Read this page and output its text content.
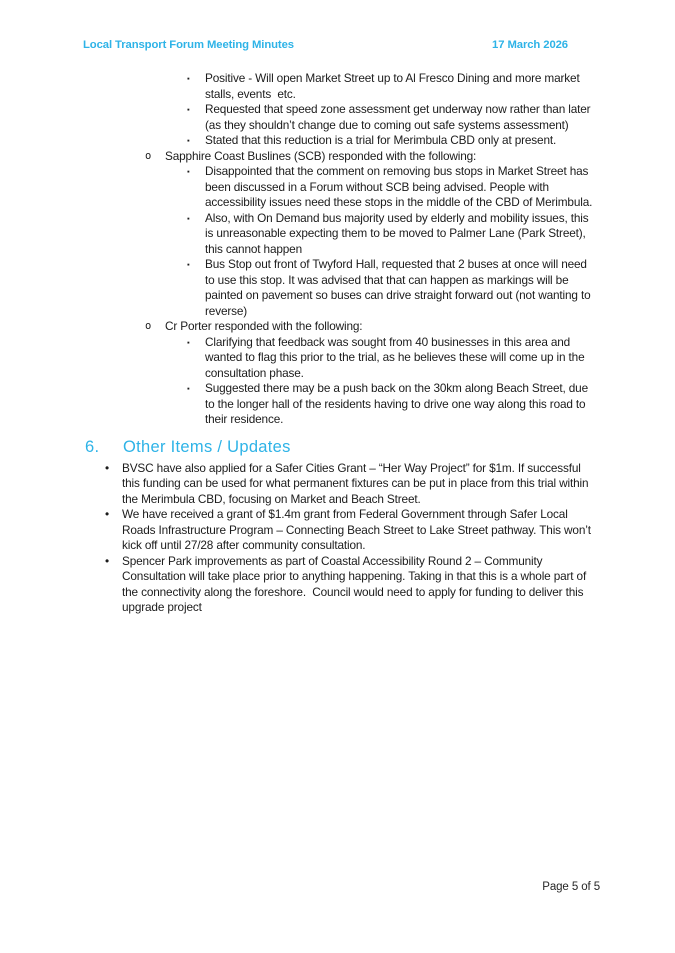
Local Transport Forum Meeting Minutes	17 March 2026
▪	Positive - Will open Market Street up to Al Fresco Dining and more market stalls, events  etc.
▪	Requested that speed zone assessment get underway now rather than later (as they shouldn’t change due to coming out safe systems assessment)
▪	Stated that this reduction is a trial for Merimbula CBD only at present.
o	Sapphire Coast Buslines (SCB) responded with the following:
▪	Disappointed that the comment on removing bus stops in Market Street has been discussed in a Forum without SCB being advised. People with accessibility issues need these stops in the middle of the CBD of Merimbula.
▪	Also, with On Demand bus majority used by elderly and mobility issues, this is unreasonable expecting them to be moved to Palmer Lane (Park Street), this cannot happen
▪	Bus Stop out front of Twyford Hall, requested that 2 buses at once will need to use this stop. It was advised that that can happen as markings will be painted on pavement so buses can drive straight forward out (not wanting to reverse)
o	Cr Porter responded with the following:
▪	Clarifying that feedback was sought from 40 businesses in this area and wanted to flag this prior to the trial, as he believes these will come up in the consultation phase.
▪	Suggested there may be a push back on the 30km along Beach Street, due to the longer hall of the residents having to drive one way along this road to their residence.
6.	Other Items / Updates
•	BVSC have also applied for a Safer Cities Grant – “Her Way Project” for $1m. If successful this funding can be used for what permanent fixtures can be put in place from this trial within the Merimbula CBD, focusing on Market and Beach Street.
•	We have received a grant of $1.4m grant from Federal Government through Safer Local Roads Infrastructure Program – Connecting Beach Street to Lake Street pathway. This won’t kick off until 27/28 after community consultation.
•	Spencer Park improvements as part of Coastal Accessibility Round 2 – Community Consultation will take place prior to anything happening. Taking in that this is a whole part of the connectivity along the foreshore.  Council would need to apply for funding to deliver this upgrade project
Page 5 of 5
